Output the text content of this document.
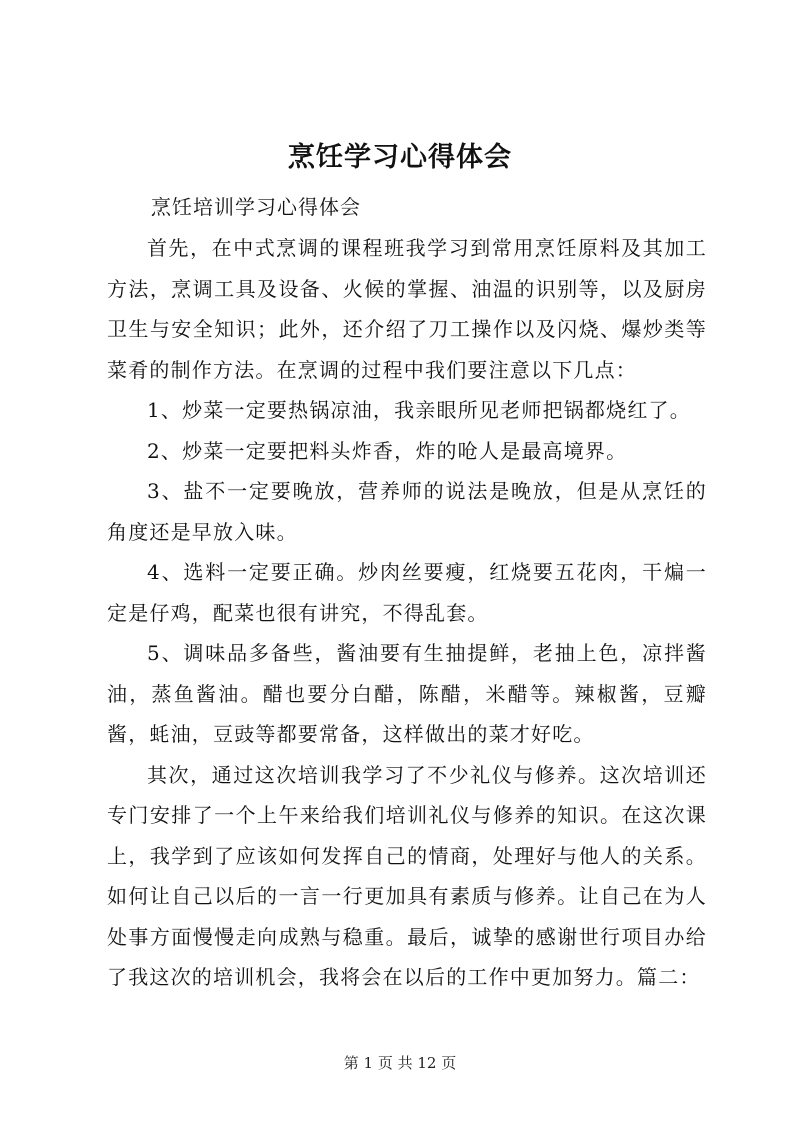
烹饪学习心得体会
烹饪培训学习心得体会

首先，在中式烹调的课程班我学习到常用烹饪原料及其加工方法，烹调工具及设备、火候的掌握、油温的识别等，以及厨房卫生与安全知识；此外，还介绍了刀工操作以及闪烧、爆炒类等菜肴的制作方法。在烹调的过程中我们要注意以下几点：

1、炒菜一定要热锅凉油，我亲眼所见老师把锅都烧红了。

2、炒菜一定要把料头炸香，炸的呛人是最高境界。

3、盐不一定要晚放，营养师的说法是晚放，但是从烹饪的角度还是早放入味。

4、选料一定要正确。炒肉丝要瘦，红烧要五花肉，干煸一定是仔鸡，配菜也很有讲究，不得乱套。

5、调味品多备些，酱油要有生抽提鲜，老抽上色，凉拌酱油，蒸鱼酱油。醋也要分白醋，陈醋，米醋等。辣椒酱，豆瓣酱，蚝油，豆豉等都要常备，这样做出的菜才好吃。

其次，通过这次培训我学习了不少礼仪与修养。这次培训还专门安排了一个上午来给我们培训礼仪与修养的知识。在这次课上，我学到了应该如何发挥自己的情商，处理好与他人的关系。如何让自己以后的一言一行更加具有素质与修养。让自己在为人处事方面慢慢走向成熟与稳重。最后，诚挚的感谢世行项目办给了我这次的培训机会，我将会在以后的工作中更加努力。篇二：

第 1 页 共 12 页
